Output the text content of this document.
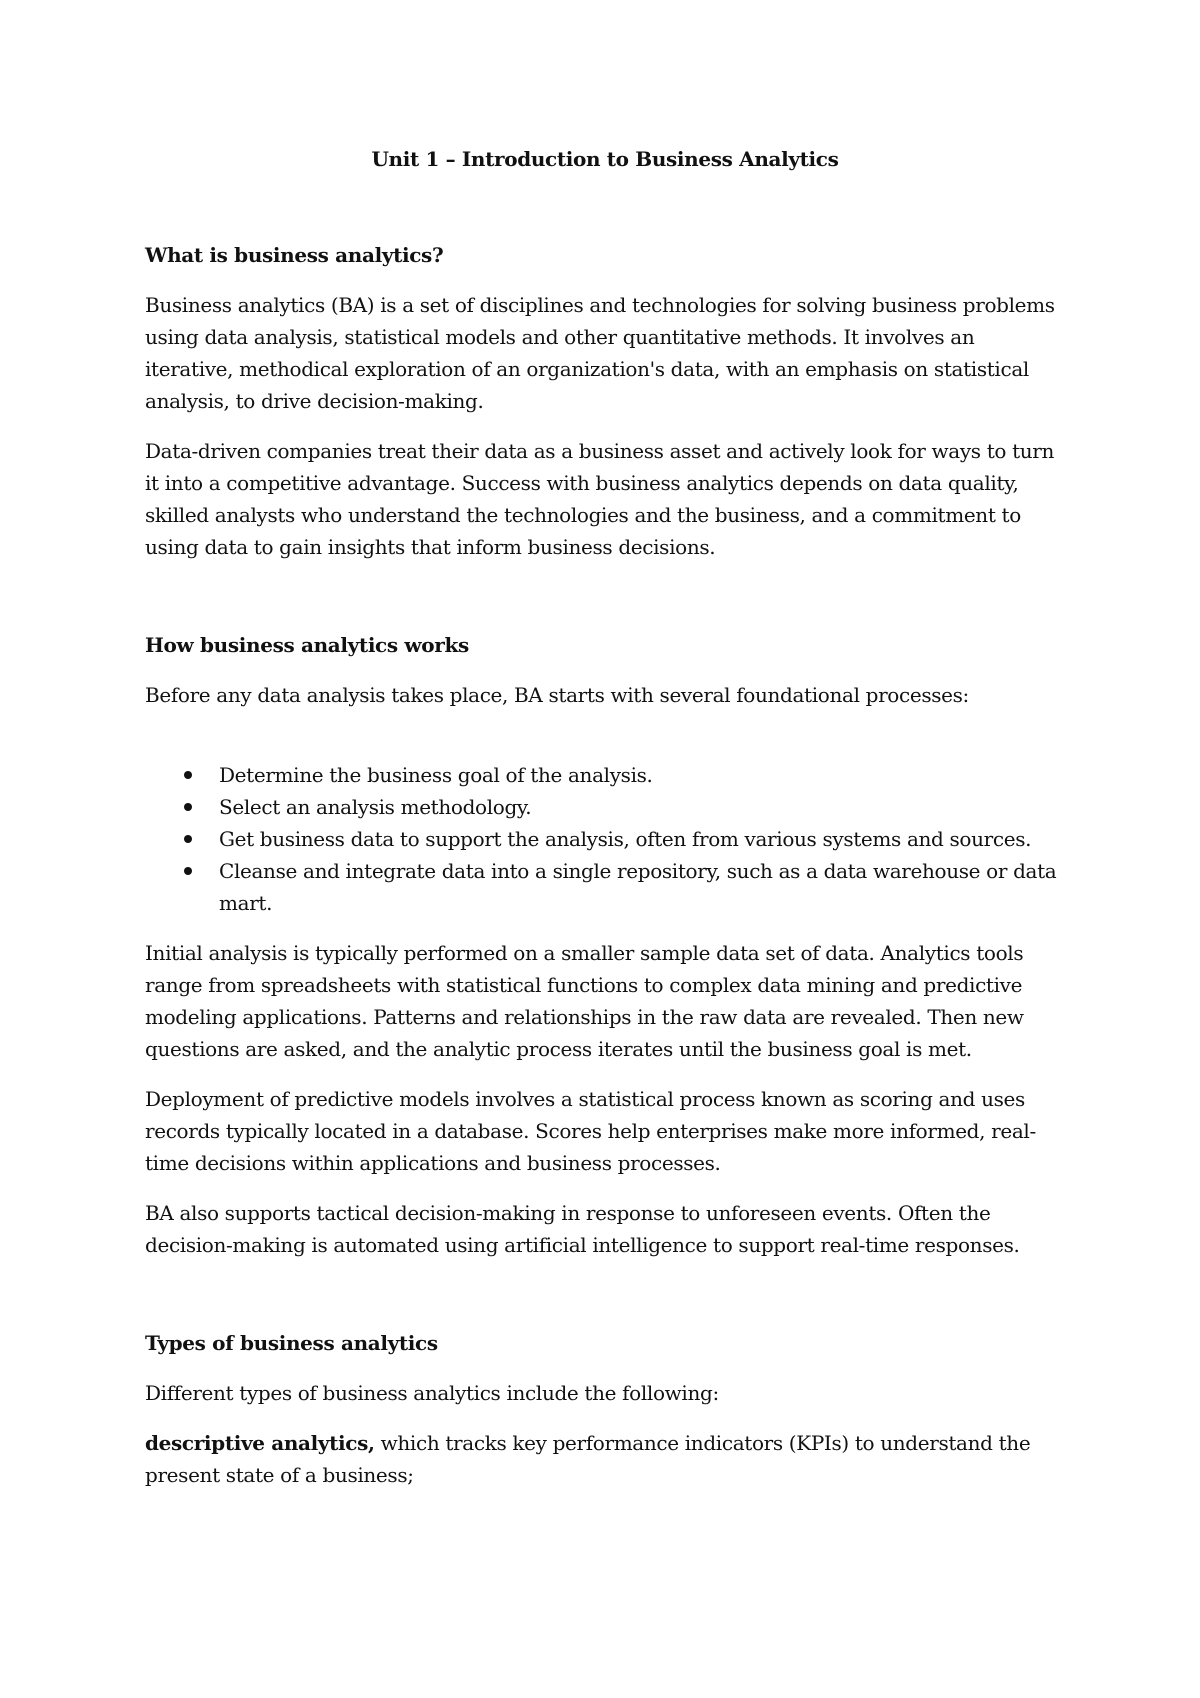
Unit 1 – Introduction to Business Analytics
What is business analytics?

Business analytics (BA) is a set of disciplines and technologies for solving business problems using data analysis, statistical models and other quantitative methods. It involves an iterative, methodical exploration of an organization's data, with an emphasis on statistical analysis, to drive decision-making.

Data-driven companies treat their data as a business asset and actively look for ways to turn it into a competitive advantage. Success with business analytics depends on data quality, skilled analysts who understand the technologies and the business, and a commitment to using data to gain insights that inform business decisions.

How business analytics works

Before any data analysis takes place, BA starts with several foundational processes:

Determine the business goal of the analysis.
Select an analysis methodology.
Get business data to support the analysis, often from various systems and sources.
Cleanse and integrate data into a single repository, such as a data warehouse or data mart.

Initial analysis is typically performed on a smaller sample data set of data. Analytics tools range from spreadsheets with statistical functions to complex data mining and predictive modeling applications. Patterns and relationships in the raw data are revealed. Then new questions are asked, and the analytic process iterates until the business goal is met.

Deployment of predictive models involves a statistical process known as scoring and uses records typically located in a database. Scores help enterprises make more informed, real-time decisions within applications and business processes.

BA also supports tactical decision-making in response to unforeseen events. Often the decision-making is automated using artificial intelligence to support real-time responses.

Types of business analytics

Different types of business analytics include the following:

descriptive analytics, which tracks key performance indicators (KPIs) to understand the present state of a business;
